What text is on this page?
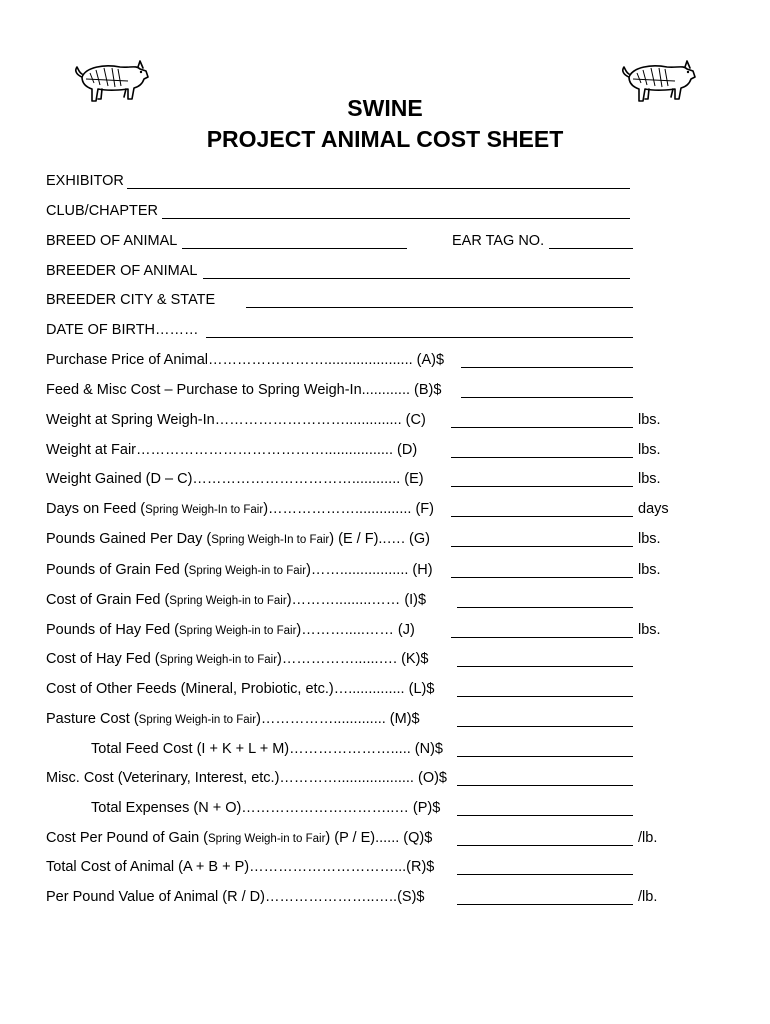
SWINE
PROJECT ANIMAL COST SHEET
EXHIBITOR
CLUB/CHAPTER
BREED OF ANIMAL	EAR TAG NO.
BREEDER OF ANIMAL
BREEDER CITY & STATE
DATE OF BIRTH………
Purchase Price of Animal……………………...................... (A)$
Feed & Misc Cost – Purchase to Spring Weigh-In............ (B)$
Weight at Spring Weigh-In……………………….............. (C)	lbs.
Weight at Fair…………………………………................. (D)	lbs.
Weight Gained (D – C)……………………………............ (E)	lbs.
Days on Feed (Spring Weigh-In to Fair)……………….............. (F)	days
Pounds Gained Per Day (Spring Weigh-In to Fair) (E / F)..…. (G)	lbs.
Pounds of Grain Fed (Spring Weigh-in to Fair)……................. (H)	lbs.
Cost of Grain Fed (Spring Weigh-in to Fair)……….........…… (I)$
Pounds of Hay Fed (Spring Weigh-in to Fair)……….....…… (J)	lbs.
Cost of Hay Fed (Spring Weigh-in to Fair)……………......…. (K)$
Cost of Other Feeds (Mineral, Probiotic, etc.)….............. (L)$
Pasture Cost (Spring Weigh-in to Fair)……………............. (M)$
Total Feed Cost (I + K + L + M)…………………..... (N)$
Misc. Cost (Veterinary, Interest, etc.)…………................... (O)$
Total Expenses (N + O)…………………………..… (P)$
Cost Per Pound of Gain (Spring Weigh-in to Fair) (P / E)...... (Q)$	/lb.
Total Cost of Animal (A + B + P)…………………………...(R)$
Per Pound Value of Animal (R / D)…………………..…..(S)$	/lb.
